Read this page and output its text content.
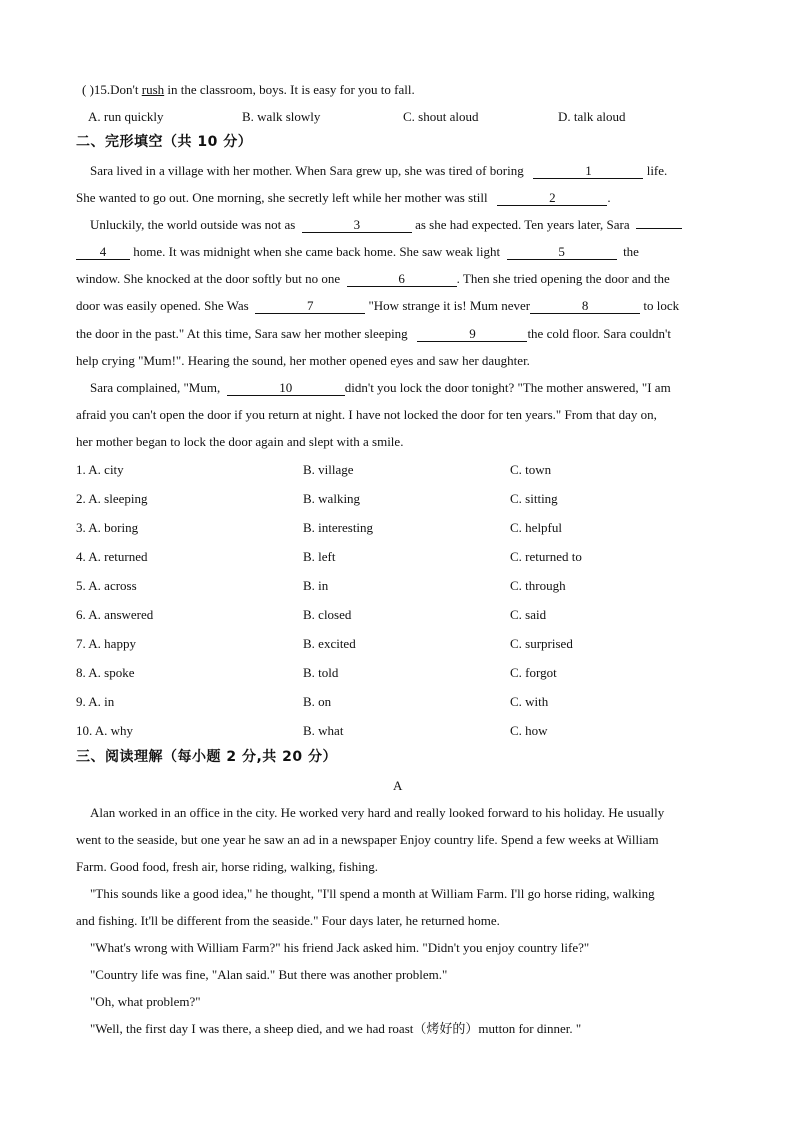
( )15.Don't rush in the classroom, boys. It is easy for you to fall.
A. run quickly	B. walk slowly	C. shout aloud	D. talk aloud
二、完形填空（共 10 分）
Sara lived in a village with her mother. When Sara grew up, she was tired of boring	1	life.
She wanted to go out. One morning, she secretly left while her mother was still	2	.
Unluckily, the world outside was not as	3	as she had expected. Ten years later, Sara
4 home. It was midnight when she came back home. She saw weak light	5	the
window. She knocked at the door softly but no one	6	. Then she tried opening the door and the
door was easily opened. She Was	7	"How strange it is! Mum never	8	to lock
the door in the past." At this time, Sara saw her mother sleeping	9	the cold floor. Sara couldn't
help crying "Mum!". Hearing the sound, her mother opened eyes and saw her daughter.
Sara complained, "Mum,	10	didn't you lock the door tonight? "The mother answered, "I am
afraid you can't open the door if you return at night. I have not locked the door for ten years." From that day on,
her mother began to lock the door again and slept with a smile.
1. A. city	B. village	C. town
2. A. sleeping	B. walking	C. sitting
3. A. boring	B. interesting	C. helpful
4. A. returned	B. left	C. returned to
5. A. across	B. in	C. through
6. A. answered	B. closed	C. said
7. A. happy	B. excited	C. surprised
8. A. spoke	B. told	C. forgot
9. A. in	B. on	C. with
10. A. why	B. what	C. how
三、阅读理解（每小题 2 分,共 20 分）
A
Alan worked in an office in the city. He worked very hard and really looked forward to his holiday. He usually
went to the seaside, but one year he saw an ad in a newspaper Enjoy country life. Spend a few weeks at William
Farm. Good food, fresh air, horse riding, walking, fishing.
"This sounds like a good idea," he thought, "I'll spend a month at William Farm. I'll go horse riding, walking
and fishing. It'll be different from the seaside." Four days later, he returned home.
"What's wrong with William Farm?" his friend Jack asked him. "Didn't you enjoy country life?"
"Country life was fine, "Alan said." But there was another problem."
"Oh, what problem?"
"Well, the first day I was there, a sheep died, and we had roast（烤好的）mutton for dinner. "
